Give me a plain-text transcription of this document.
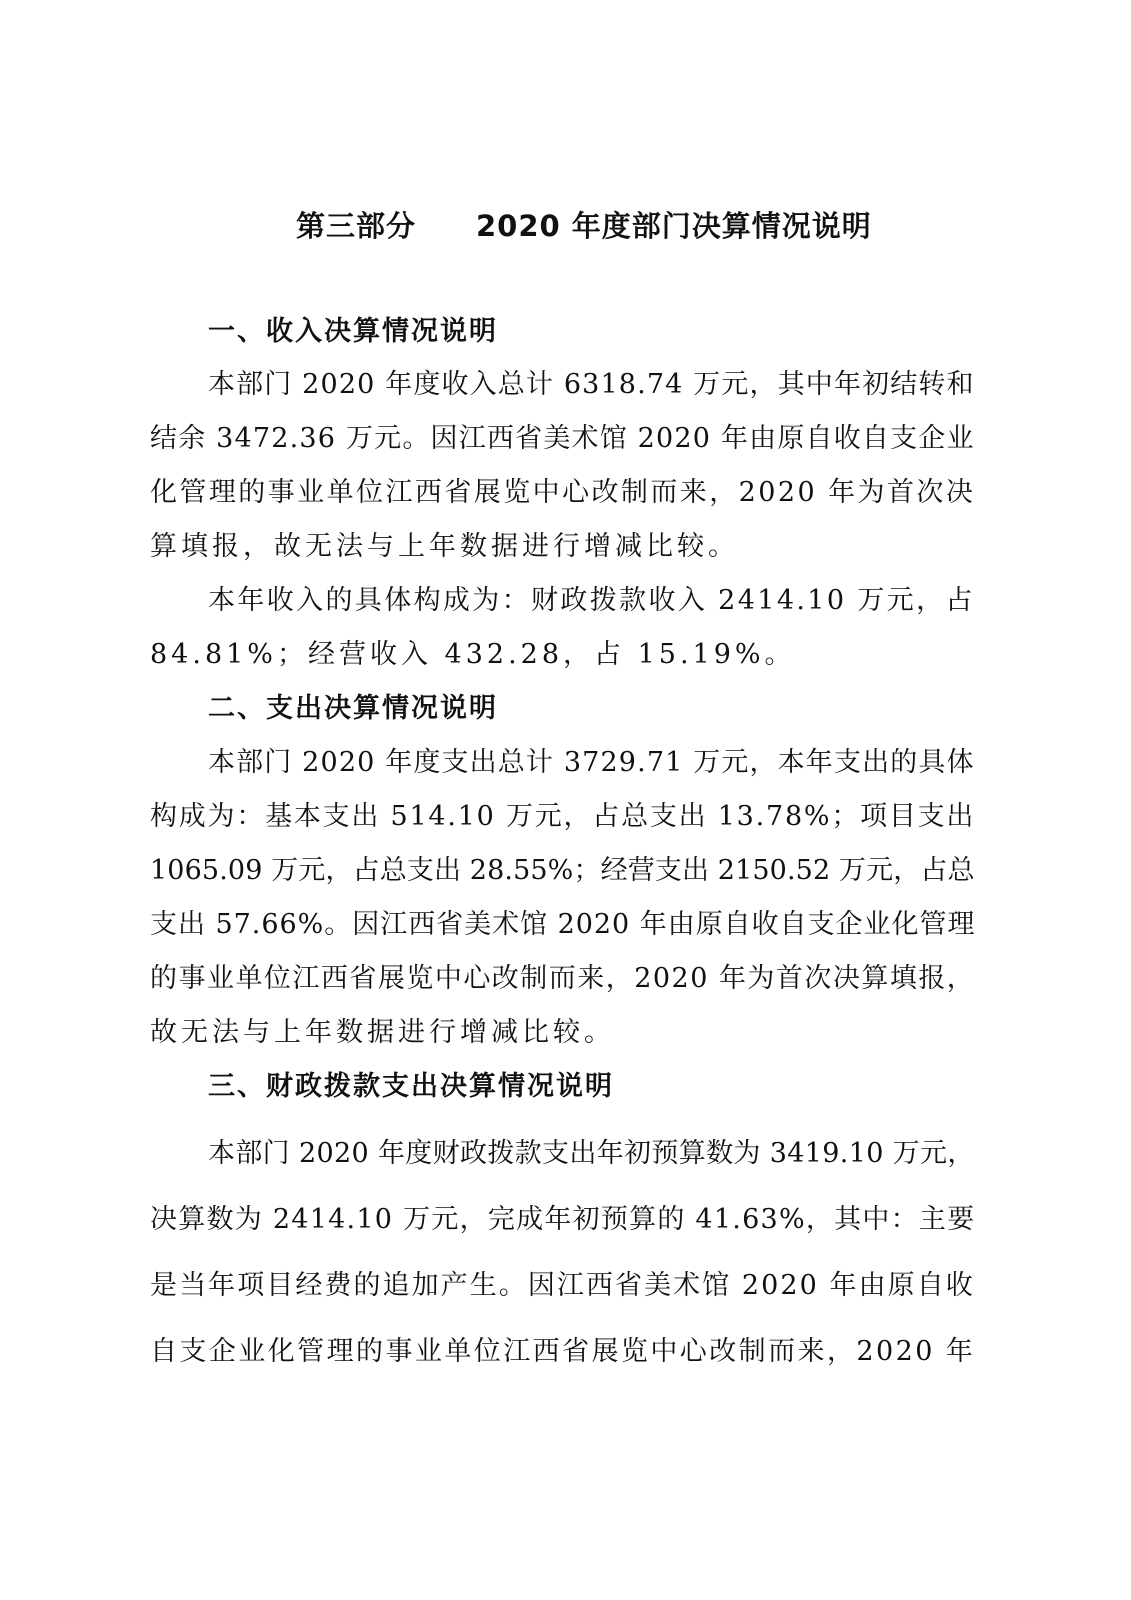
第三部分　　2020 年度部门决算情况说明
一、收入决算情况说明
本部门 2020 年度收入总计 6318.74 万元，其中年初结转和
结余 3472.36 万元。因江西省美术馆 2020 年由原自收自支企业
化管理的事业单位江西省展览中心改制而来，2020 年为首次决
算填报，故无法与上年数据进行增减比较。
本年收入的具体构成为：财政拨款收入 2414.10 万元，占
84.81%；经营收入 432.28，占 15.19%。
二、支出决算情况说明
本部门 2020 年度支出总计 3729.71 万元，本年支出的具体
构成为：基本支出 514.10 万元，占总支出 13.78%；项目支出
1065.09 万元，占总支出 28.55%；经营支出 2150.52 万元，占总
支出 57.66%。因江西省美术馆 2020 年由原自收自支企业化管理
的事业单位江西省展览中心改制而来，2020 年为首次决算填报，
故无法与上年数据进行增减比较。
三、财政拨款支出决算情况说明
本部门 2020 年度财政拨款支出年初预算数为 3419.10 万元，
决算数为 2414.10 万元，完成年初预算的 41.63%，其中：主要
是当年项目经费的追加产生。因江西省美术馆 2020 年由原自收
自支企业化管理的事业单位江西省展览中心改制而来，2020 年
